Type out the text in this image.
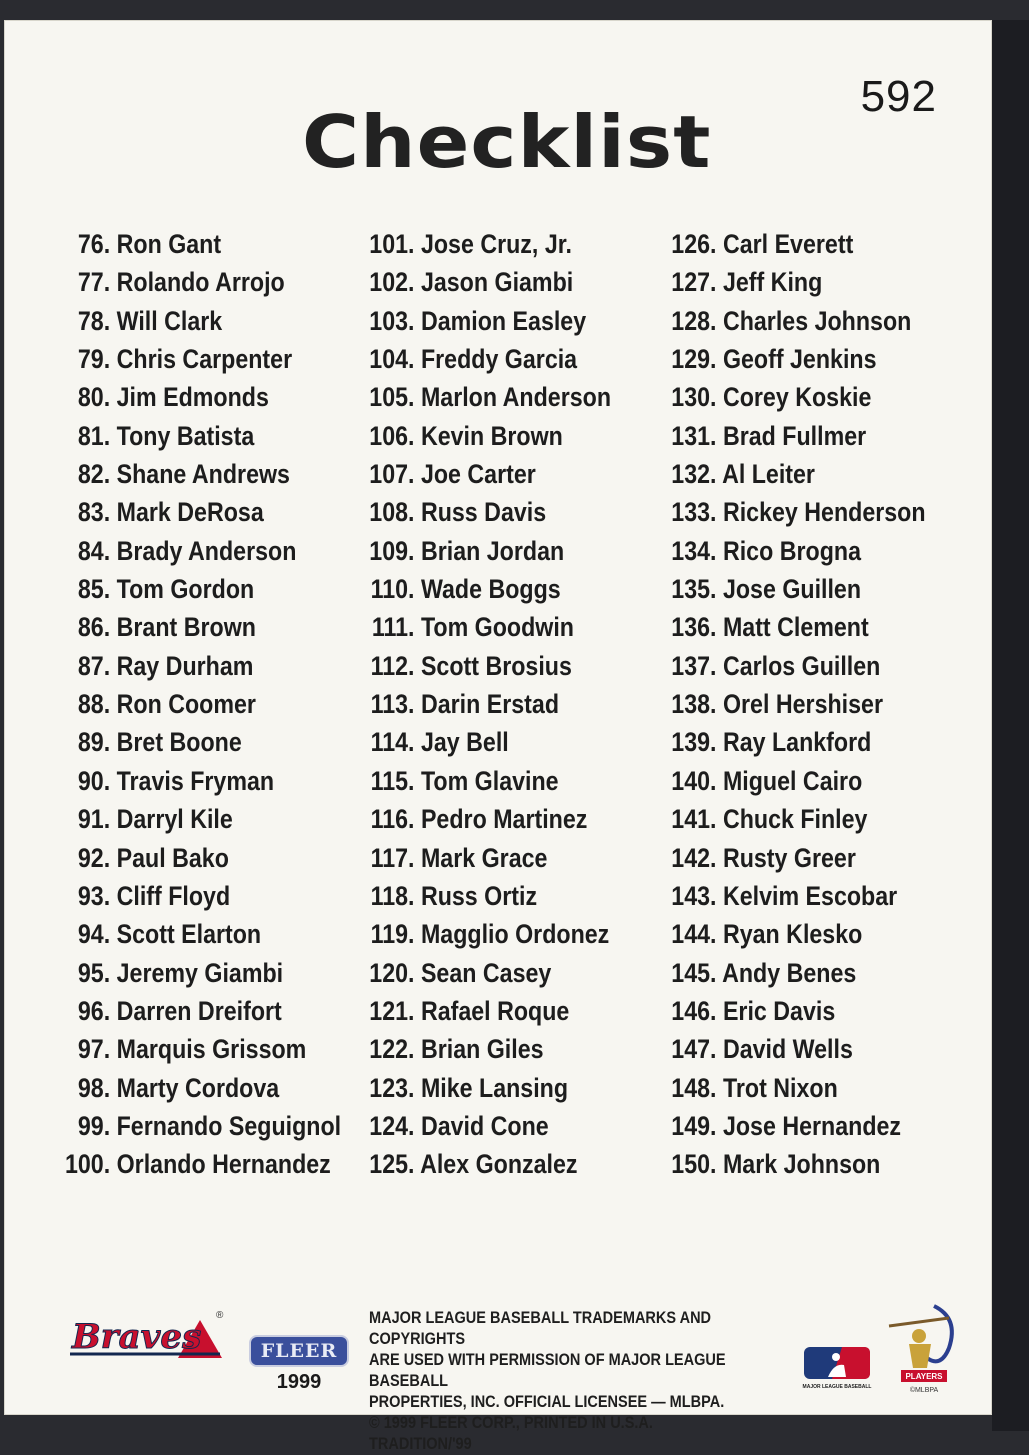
592
Checklist
76. Ron Gant
77. Rolando Arrojo
78. Will Clark
79. Chris Carpenter
80. Jim Edmonds
81. Tony Batista
82. Shane Andrews
83. Mark DeRosa
84. Brady Anderson
85. Tom Gordon
86. Brant Brown
87. Ray Durham
88. Ron Coomer
89. Bret Boone
90. Travis Fryman
91. Darryl Kile
92. Paul Bako
93. Cliff Floyd
94. Scott Elarton
95. Jeremy Giambi
96. Darren Dreifort
97. Marquis Grissom
98. Marty Cordova
99. Fernando Seguignol
100. Orlando Hernandez
101. Jose Cruz, Jr.
102. Jason Giambi
103. Damion Easley
104. Freddy Garcia
105. Marlon Anderson
106. Kevin Brown
107. Joe Carter
108. Russ Davis
109. Brian Jordan
110. Wade Boggs
111. Tom Goodwin
112. Scott Brosius
113. Darin Erstad
114. Jay Bell
115. Tom Glavine
116. Pedro Martinez
117. Mark Grace
118. Russ Ortiz
119. Magglio Ordonez
120. Sean Casey
121. Rafael Roque
122. Brian Giles
123. Mike Lansing
124. David Cone
125. Alex Gonzalez
126. Carl Everett
127. Jeff King
128. Charles Johnson
129. Geoff Jenkins
130. Corey Koskie
131. Brad Fullmer
132. Al Leiter
133. Rickey Henderson
134. Rico Brogna
135. Jose Guillen
136. Matt Clement
137. Carlos Guillen
138. Orel Hershiser
139. Ray Lankford
140. Miguel Cairo
141. Chuck Finley
142. Rusty Greer
143. Kelvim Escobar
144. Ryan Klesko
145. Andy Benes
146. Eric Davis
147. David Wells
148. Trot Nixon
149. Jose Hernandez
150. Mark Johnson
Braves
®
FLEER
1999
MAJOR LEAGUE BASEBALL TRADEMARKS AND COPYRIGHTS
ARE USED WITH PERMISSION OF MAJOR LEAGUE BASEBALL
PROPERTIES, INC. OFFICIAL LICENSEE — MLBPA.
© 1999 FLEER CORP., PRINTED IN U.S.A. TRADITION/'99
MAJOR LEAGUE BASEBALL
PLAYERS
©MLBPA
